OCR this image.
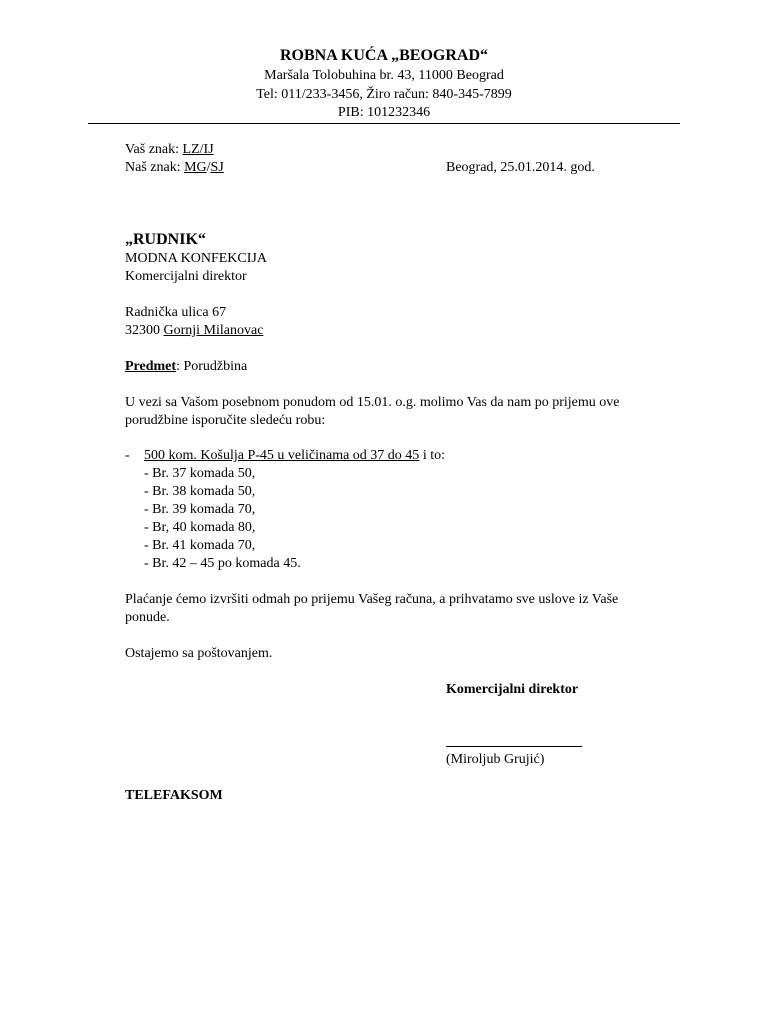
ROBNA KUĆA „BEOGRAD“
Maršala Tolobuhina br. 43, 11000 Beograd
Tel: 011/233-3456, Žiro račun: 840-345-7899
PIB: 101232346
Vaš znak: LZ/IJ
Naš znak: MG/SJ	Beograd, 25.01.2014. god.
„RUDNIK“
MODNA KONFEKCIJA
Komercijalni direktor
Radnička ulica 67
32300 Gornji Milanovac
Predmet: Porudžbina
U vezi sa Vašom posebnom ponudom od 15.01. o.g. molimo Vas da nam po prijemu ove
porudžbine isporučite sledeću robu:
- 500 kom. Košulja P-45 u veličinama od 37 do 45 i to:
- Br. 37 komada 50,
- Br. 38 komada 50,
- Br. 39 komada 70,
- Br, 40 komada 80,
- Br. 41 komada 70,
- Br. 42 – 45 po komada 45.
Plaćanje ćemo izvršiti odmah po prijemu Vašeg računa, a prihvatamo sve uslove iz Vaše
ponude.
Ostajemo sa poštovanjem.
Komercijalni direktor
(Miroljub Grujić)
TELEFAKSOM
